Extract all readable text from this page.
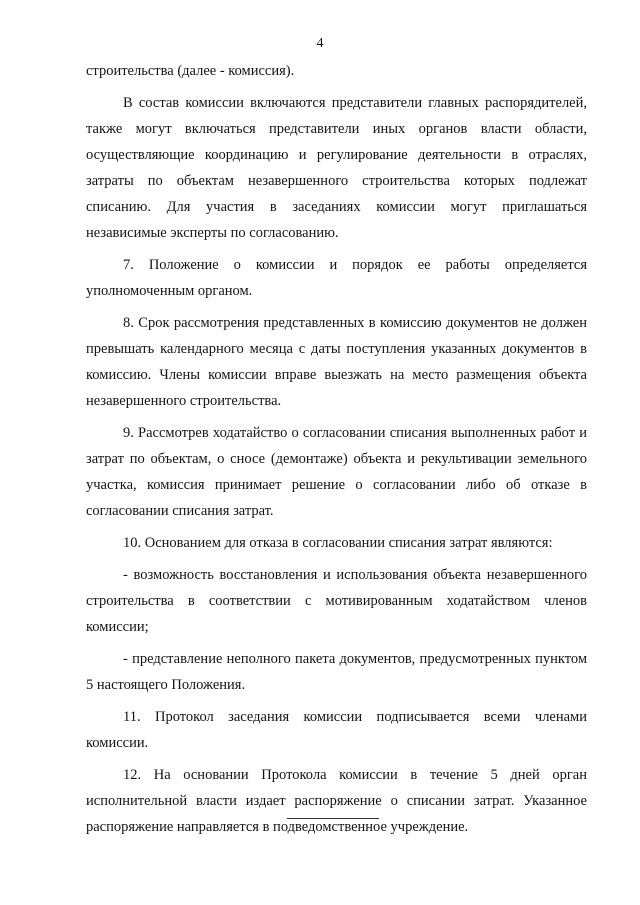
4

строительства (далее - комиссия).

В состав комиссии включаются представители главных распорядителей, также могут включаться представители иных органов власти области, осуществляющие координацию и регулирование деятельности в отраслях, затраты по объектам незавершенного строительства которых подлежат списанию. Для участия в заседаниях комиссии могут приглашаться независимые эксперты по согласованию.

7. Положение о комиссии и порядок ее работы определяется уполномоченным органом.

8. Срок рассмотрения представленных в комиссию документов не должен превышать календарного месяца с даты поступления указанных документов в комиссию. Члены комиссии вправе выезжать на место размещения объекта незавершенного строительства.

9. Рассмотрев ходатайство о согласовании списания выполненных работ и затрат по объектам, о сносе (демонтаже) объекта и рекультивации земельного участка, комиссия принимает решение о согласовании либо об отказе в согласовании списания затрат.

10. Основанием для отказа в согласовании списания затрат являются:

- возможность восстановления и использования объекта незавершенного строительства в соответствии с мотивированным ходатайством членов комиссии;

- представление неполного пакета документов, предусмотренных пунктом 5 настоящего Положения.

11. Протокол заседания комиссии подписывается всеми членами комиссии.

12. На основании Протокола комиссии в течение 5 дней орган исполнительной власти издает распоряжение о списании затрат. Указанное распоряжение направляется в подведомственное учреждение.
